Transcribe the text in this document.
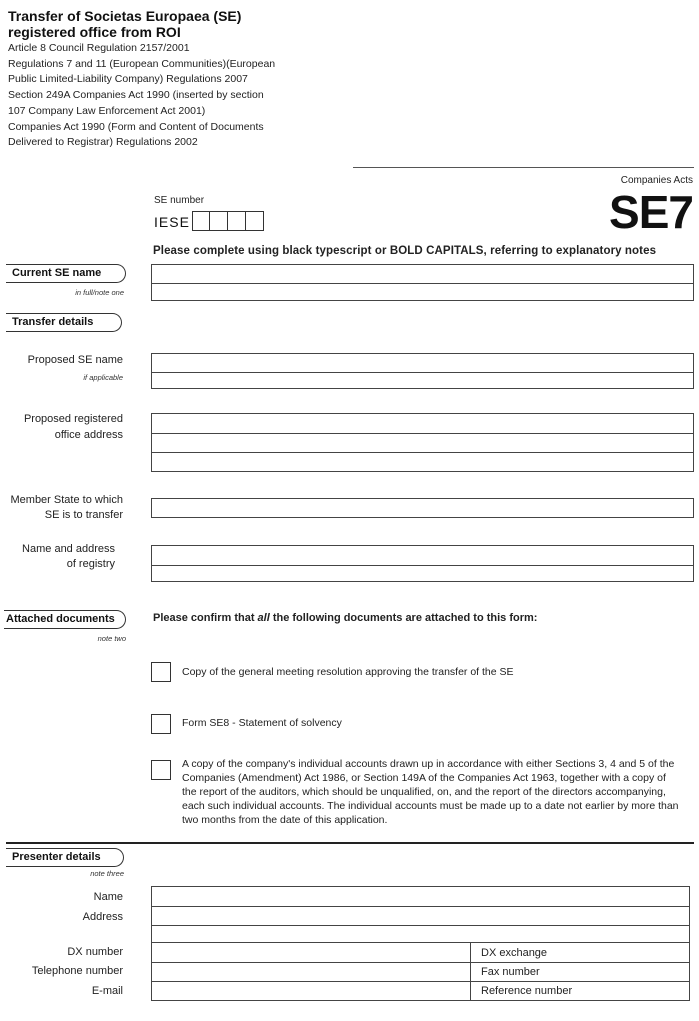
Transfer of Societas Europaea (SE)
registered office from ROI
Article 8 Council Regulation 2157/2001
Regulations 7 and 11 (European Communities)(European
Public Limited-Liability Company) Regulations 2007
Section 249A Companies Act 1990 (inserted by section
107 Company Law Enforcement Act 2001)
Companies Act 1990 (Form and Content of Documents
Delivered to Registrar) Regulations 2002
Companies Acts
SE7
SE number
IESE
Please complete using black typescript or BOLD CAPITALS, referring to explanatory notes
Current SE name
in full/note one
Transfer details
Proposed SE name
if applicable
Proposed registered
office address
Member State to which
SE is to transfer
Name and address
of registry
Attached documents
note two
Please confirm that all the following documents are attached to this form:
Copy of the general meeting resolution approving the transfer of the SE
Form SE8 - Statement of solvency
A copy of the company's individual accounts drawn up in accordance with either Sections 3, 4 and 5 of the Companies (Amendment) Act 1986, or Section 149A of the Companies Act 1963, together with a copy of the report of the auditors, which should be unqualified, on, and the report of the directors accompanying, each such individual accounts. The individual accounts must be made up to a date not earlier by more than two months from the date of this application.
Presenter details
note three
Name
Address
DX number
Telephone number
E-mail
DX exchange
Fax number
Reference number
